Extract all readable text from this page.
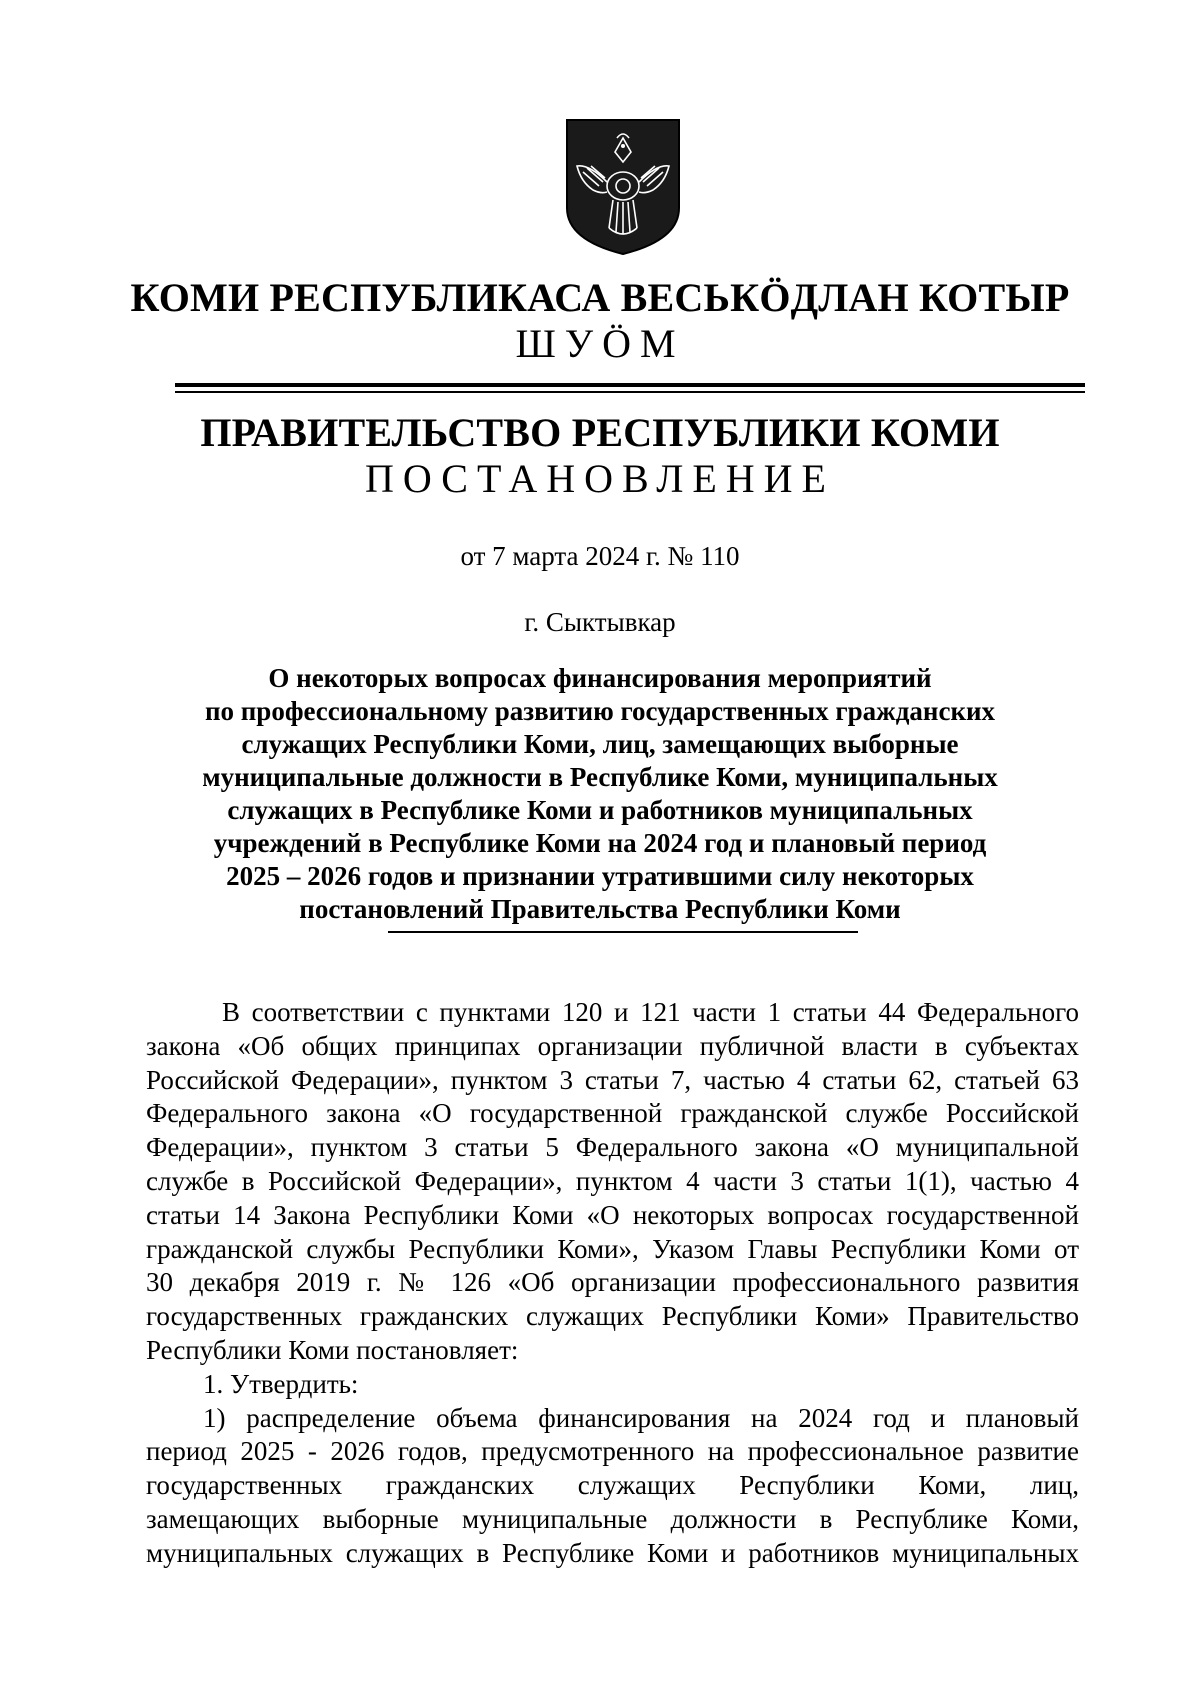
КОМИ РЕСПУБЛИКАСА ВЕСЬКӦДЛАН КОТЫР
ШУӦМ
ПРАВИТЕЛЬСТВО РЕСПУБЛИКИ КОМИ
ПОСТАНОВЛЕНИЕ
от 7 марта 2024 г. № 110
г. Сыктывкар
О некоторых вопросах финансирования мероприятий
по профессиональному развитию государственных гражданских
служащих Республики Коми, лиц, замещающих выборные
муниципальные должности в Республике Коми, муниципальных
служащих в Республике Коми и работников муниципальных
учреждений в Республике Коми на 2024 год и плановый период
2025 – 2026 годов и признании утратившими силу некоторых
постановлений Правительства Республики Коми
В соответствии с пунктами 120 и 121 части 1 статьи 44 Федерального
закона «Об общих принципах организации публичной власти в субъектах
Российской Федерации», пунктом 3 статьи 7, частью 4 статьи 62, статьей 63
Федерального закона «О государственной гражданской службе Российской
Федерации», пунктом 3 статьи 5 Федерального закона «О муниципальной
службе в Российской Федерации», пунктом 4 части 3 статьи 1(1), частью 4
статьи 14 Закона Республики Коми «О некоторых вопросах государственной
гражданской службы Республики Коми», Указом Главы Республики Коми от
30 декабря 2019 г. № 126 «Об организации профессионального развития
государственных гражданских служащих Республики Коми» Правительство
Республики Коми постановляет:
1. Утвердить:
1) распределение объема финансирования на 2024 год и плановый
период 2025 - 2026 годов, предусмотренного на профессиональное развитие
государственных гражданских служащих Республики Коми, лиц,
замещающих выборные муниципальные должности в Республике Коми,
муниципальных служащих в Республике Коми и работников муниципальных
